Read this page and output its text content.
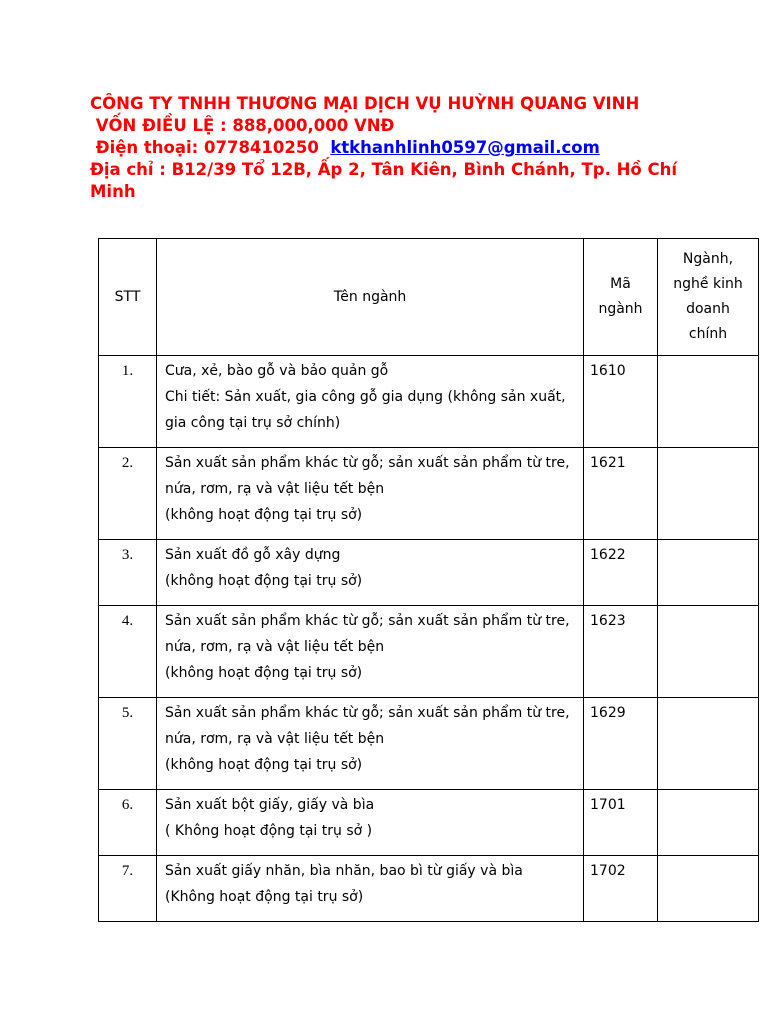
CÔNG TY TNHH THƯƠNG MẠI DỊCH VỤ HUỲNH QUANG VINH
VỐN ĐIỀU LỆ : 888,000,000 VNĐ
Điện thoại: 0778410250  ktkhanhlinh0597@gmail.com
Địa chỉ : B12/39 Tổ 12B, Ấp 2, Tân Kiên, Bình Chánh, Tp. Hồ Chí Minh
STT	Tên ngành	Mã ngành	Ngành, nghề kinh doanh chính

1.	Cưa, xẻ, bào gỗ và bảo quản gỗ
Chi tiết: Sản xuất, gia công gỗ gia dụng (không sản xuất, gia công tại trụ sở chính)	1610	
2.	Sản xuất sản phẩm khác từ gỗ; sản xuất sản phẩm từ tre, nứa, rơm, rạ và vật liệu tết bện
(không hoạt động tại trụ sở)	1621	
3.	Sản xuất đồ gỗ xây dựng
(không hoạt động tại trụ sở)	1622	
4.	Sản xuất sản phẩm khác từ gỗ; sản xuất sản phẩm từ tre, nứa, rơm, rạ và vật liệu tết bện
(không hoạt động tại trụ sở)	1623	
5.	Sản xuất sản phẩm khác từ gỗ; sản xuất sản phẩm từ tre, nứa, rơm, rạ và vật liệu tết bện
(không hoạt động tại trụ sở)	1629	
6.	Sản xuất bột giấy, giấy và bìa
( Không hoạt động tại trụ sở )	1701	
7.	Sản xuất giấy nhăn, bìa nhăn, bao bì từ giấy và bìa
(Không hoạt động tại trụ sở)	1702	
